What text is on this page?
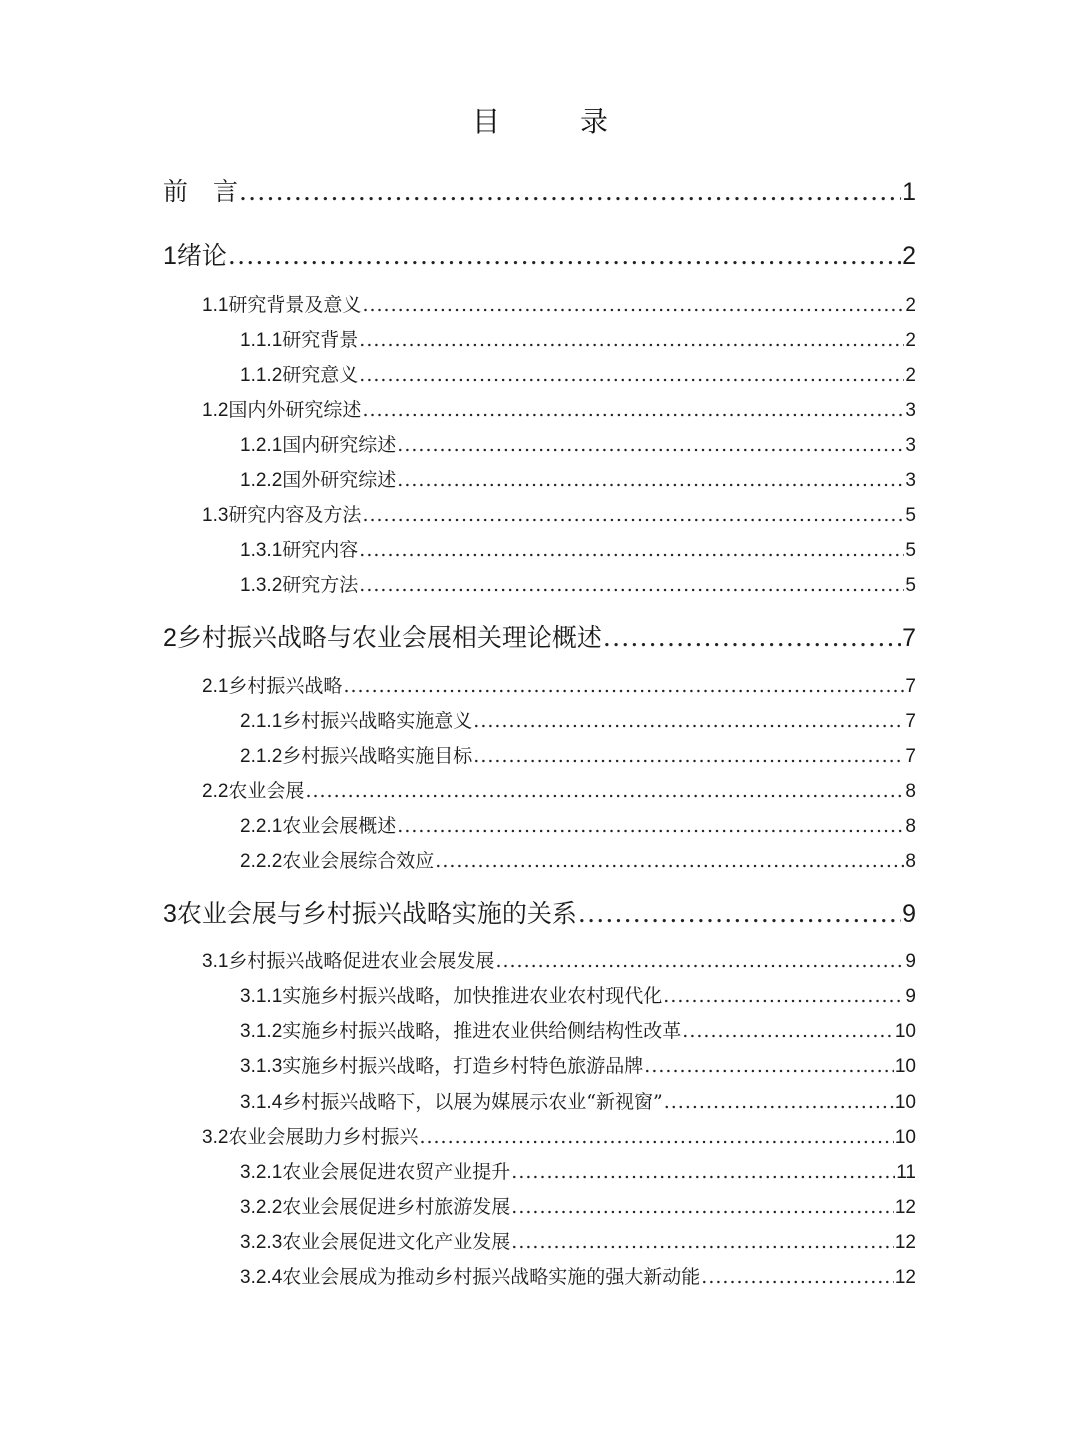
目　录
前　言 .....	1
1 绪论 .....	2
1.1 研究背景及意义 .....	2
1.1.1 研究背景 .....	2
1.1.2 研究意义 .....	2
1.2 国内外研究综述 .....	3
1.2.1 国内研究综述 .....	3
1.2.2 国外研究综述 .....	3
1.3 研究内容及方法 .....	5
1.3.1 研究内容 .....	5
1.3.2 研究方法 .....	5
2 乡村振兴战略与农业会展相关理论概述 .....	7
2.1 乡村振兴战略 .....	7
2.1.1 乡村振兴战略实施意义 .....	7
2.1.2 乡村振兴战略实施目标 .....	7
2.2 农业会展 .....	8
2.2.1 农业会展概述 .....	8
2.2.2 农业会展综合效应 .....	8
3 农业会展与乡村振兴战略实施的关系 .....	9
3.1 乡村振兴战略促进农业会展发展 .....	9
3.1.1 实施乡村振兴战略，加快推进农业农村现代化 .....	9
3.1.2 实施乡村振兴战略，推进农业供给侧结构性改革 .....	10
3.1.3 实施乡村振兴战略，打造乡村特色旅游品牌 .....	10
3.1.4 乡村振兴战略下，以展为媒展示农业“新视窗” .....	10
3.2 农业会展助力乡村振兴 .....	10
3.2.1 农业会展促进农贸产业提升 .....	11
3.2.2 农业会展促进乡村旅游发展 .....	12
3.2.3 农业会展促进文化产业发展 .....	12
3.2.4 农业会展成为推动乡村振兴战略实施的强大新动能 .....	12
